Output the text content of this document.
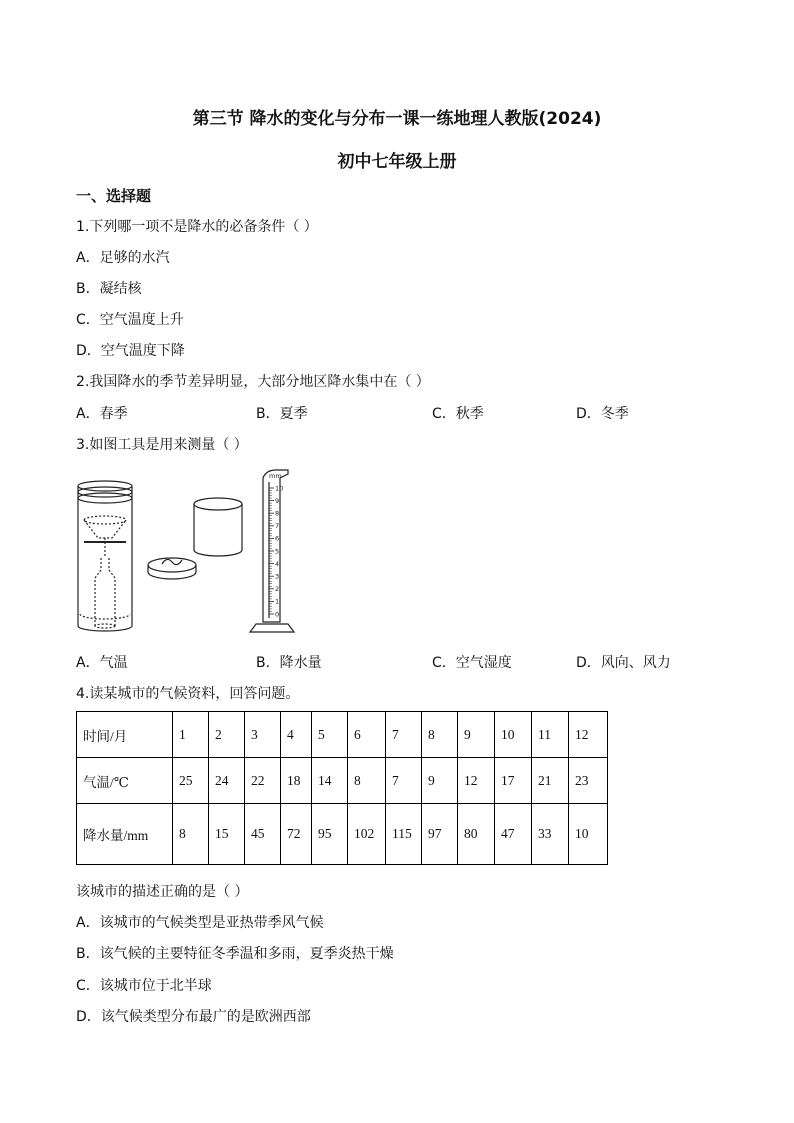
第三节 降水的变化与分布一课一练地理人教版(2024)
初中七年级上册
一、选择题
1.下列哪一项不是降水的必备条件（ ）
A．足够的水汽
B．凝结核
C．空气温度上升
D．空气温度下降
2.我国降水的季节差异明显，大部分地区降水集中在（ ）
A．春季	B．夏季	C．秋季	D．冬季
3.如图工具是用来测量（ ）
mm
10
9
8
7
6
5
4
3
2
1
0
A．气温	B．降水量	C．空气湿度	D．风向、风力
4.读某城市的气候资料，回答问题。
时间/月	1	2	3	4	5	6	7	8	9	10	11	12
气温/℃	25	24	22	18	14	8	7	9	12	17	21	23
降水量/mm	8	15	45	72	95	102	115	97	80	47	33	10
该城市的描述正确的是（ ）
A．该城市的气候类型是亚热带季风气候
B．该气候的主要特征冬季温和多雨，夏季炎热干燥
C．该城市位于北半球
D．该气候类型分布最广的是欧洲西部
